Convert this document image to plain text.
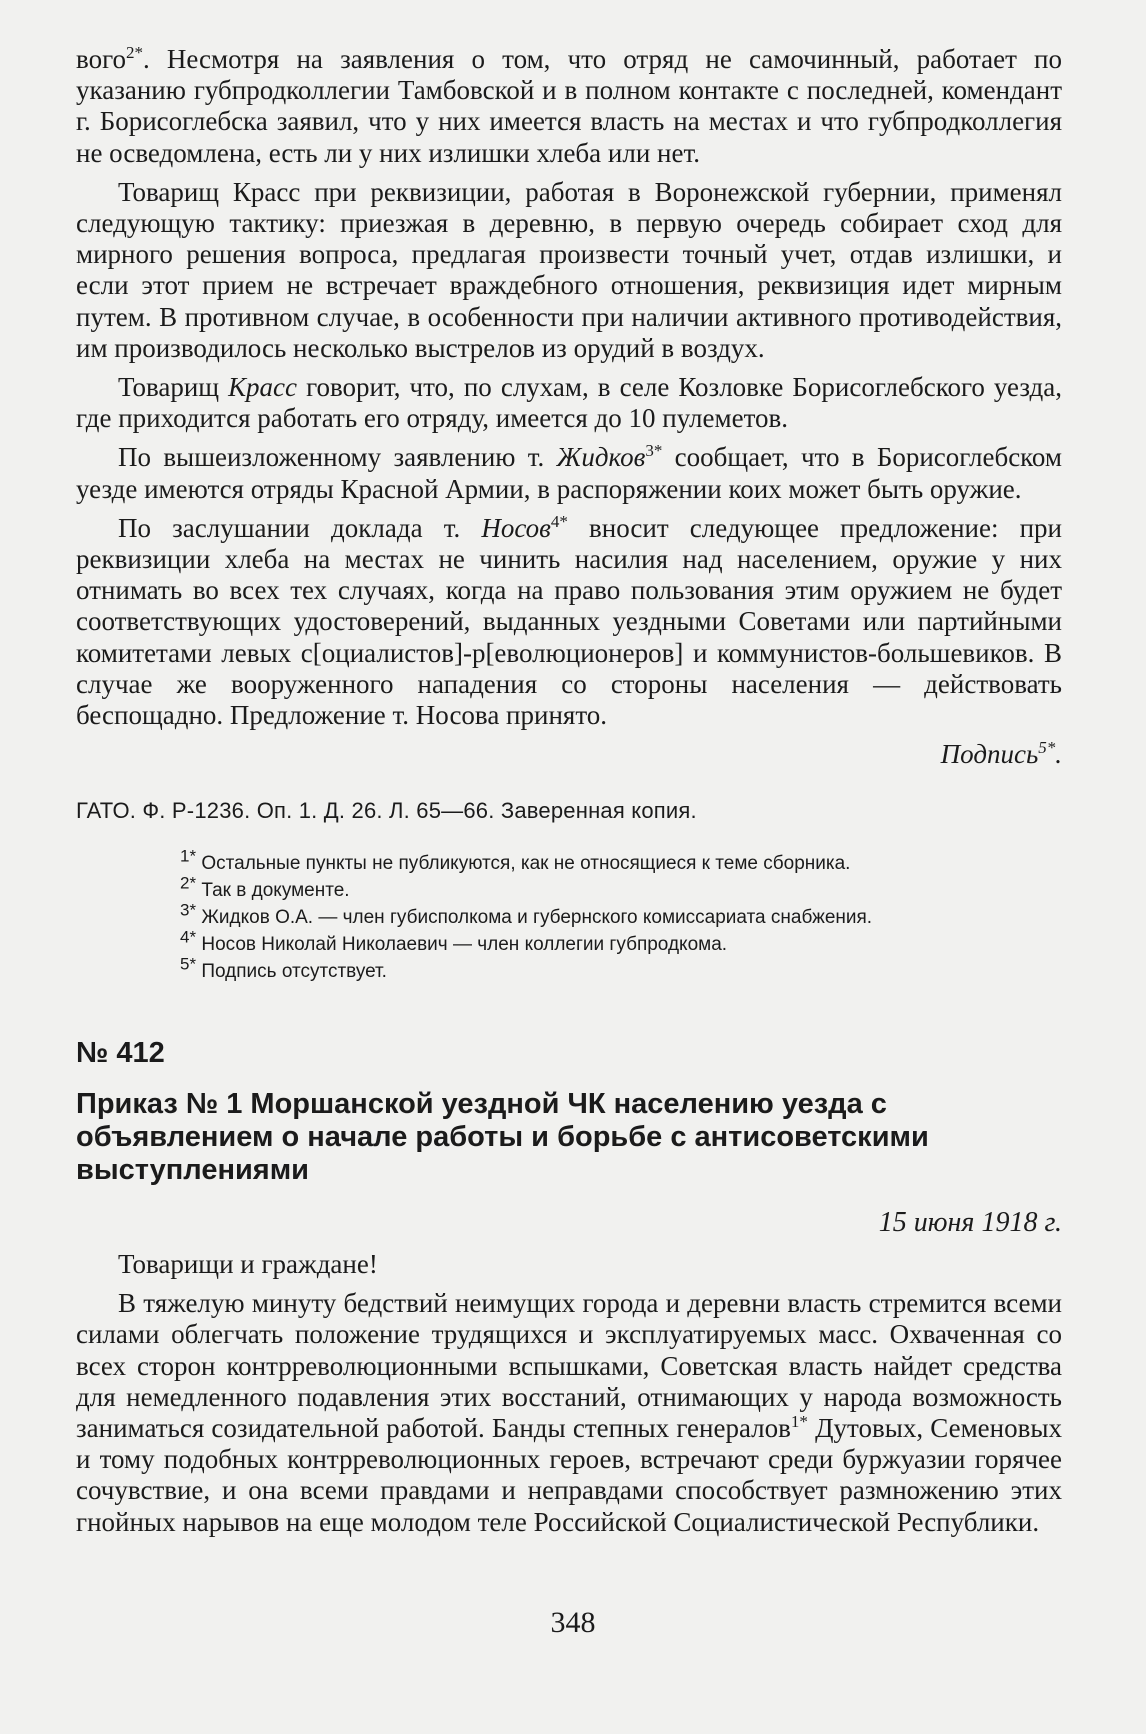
вого$^{2*}$. Несмотря на заявления о том, что отряд не самочинный, работает по указанию губпродколлегии Тамбовской и в полном контакте с последней, комендант г. Борисоглебска заявил, что у них имеется власть на местах и что губпродколлегия не осведомлена, есть ли у них излишки хлеба или нет.

Товарищ Красс при реквизиции, работая в Воронежской губернии, применял следующую тактику: приезжая в деревню, в первую очередь собирает сход для мирного решения вопроса, предлагая произвести точный учет, отдав излишки, и если этот прием не встречает враждебного отношения, реквизиция идет мирным путем. В противном случае, в особенности при наличии активного противодействия, им производилось несколько выстрелов из орудий в воздух.

Товарищ Красс говорит, что, по слухам, в селе Козловке Борисоглебского уезда, где приходится работать его отряду, имеется до 10 пулеметов.

По вышеизложенному заявлению т. Жидков$^{3*}$ сообщает, что в Борисоглебском уезде имеются отряды Красной Армии, в распоряжении коих может быть оружие.

По заслушании доклада т. Носов$^{4*}$ вносит следующее предложение: при реквизиции хлеба на местах не чинить насилия над населением, оружие у них отнимать во всех тех случаях, когда на право пользования этим оружием не будет соответствующих удостоверений, выданных уездными Советами или партийными комитетами левых с[оциалистов]-р[еволюционеров] и коммунистов-большевиков. В случае же вооруженного нападения со стороны населения — действовать беспощадно. Предложение т. Носова принято.

Подпись$^{5*}$.
ГАТО. Ф. Р-1236. Оп. 1. Д. 26. Л. 65—66. Заверенная копия.
$^{1*}$ Остальные пункты не публикуются, как не относящиеся к теме сборника.
$^{2*}$ Так в документе.
$^{3*}$ Жидков О.А. — член губисполкома и губернского комиссариата снабжения.
$^{4*}$ Носов Николай Николаевич — член коллегии губпродкома.
$^{5*}$ Подпись отсутствует.
№ 412
Приказ № 1 Моршанской уездной ЧК населению уезда с объявлением о начале работы и борьбе с антисоветскими выступлениями
15 июня 1918 г.
Товарищи и граждане!

В тяжелую минуту бедствий неимущих города и деревни власть стремится всеми силами облегчать положение трудящихся и эксплуатируемых масс. Охваченная со всех сторон контрреволюционными вспышками, Советская власть найдет средства для немедленного подавления этих восстаний, отнимающих у народа возможность заниматься созидательной работой. Банды степных генералов$^{1*}$ Дутовых, Семеновых и тому подобных контрреволюционных героев, встречают среди буржуазии горячее сочувствие, и она всеми правдами и неправдами способствует размножению этих гнойных нарывов на еще молодом теле Российской Социалистической Республики.

348
